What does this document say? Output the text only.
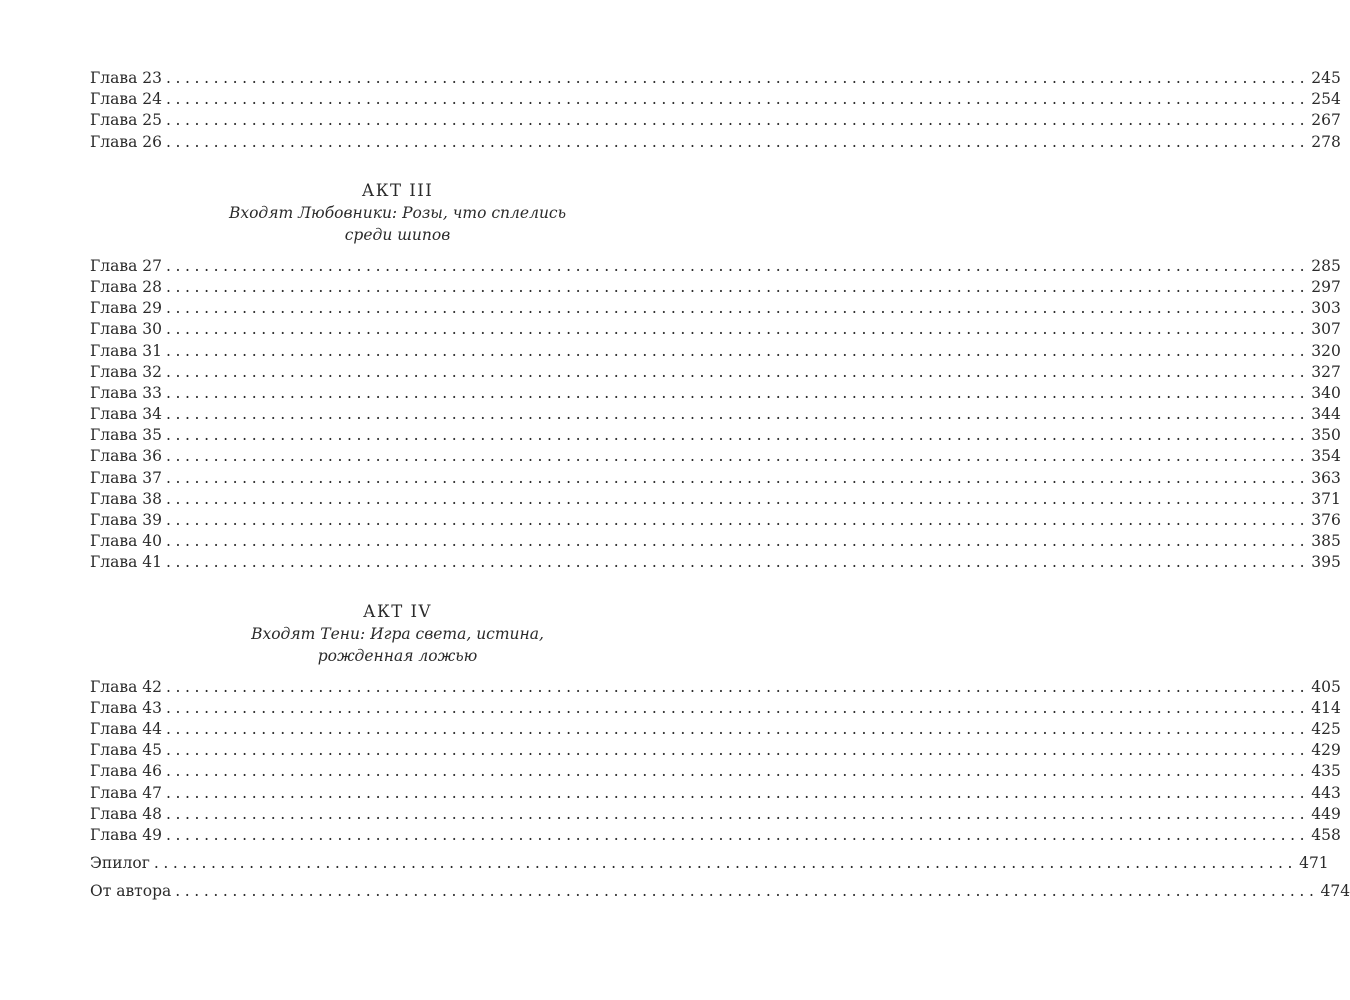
Глава 23 ........................................................................................................................ 245
Глава 24 ........................................................................................................................ 254
Глава 25 ........................................................................................................................ 267
Глава 26 ........................................................................................................................ 278
АКТ III
Входят Любовники: Розы, что сплелись
среди шипов
Глава 27 ........................................................................................................................ 285
Глава 28 ........................................................................................................................ 297
Глава 29 ........................................................................................................................ 303
Глава 30 ........................................................................................................................ 307
Глава 31 ........................................................................................................................ 320
Глава 32 ........................................................................................................................ 327
Глава 33 ........................................................................................................................ 340
Глава 34 ........................................................................................................................ 344
Глава 35 ........................................................................................................................ 350
Глава 36 ........................................................................................................................ 354
Глава 37 ........................................................................................................................ 363
Глава 38 ........................................................................................................................ 371
Глава 39 ........................................................................................................................ 376
Глава 40 ........................................................................................................................ 385
Глава 41 ........................................................................................................................ 395
АКТ IV
Входят Тени: Игра света, истина,
рожденная ложью
Глава 42 ........................................................................................................................ 405
Глава 43 ........................................................................................................................ 414
Глава 44 ........................................................................................................................ 425
Глава 45 ........................................................................................................................ 429
Глава 46 ........................................................................................................................ 435
Глава 47 ........................................................................................................................ 443
Глава 48 ........................................................................................................................ 449
Глава 49 ........................................................................................................................ 458
Эпилог ........................................................................................................................ 471
От автора ........................................................................................................................ 474
